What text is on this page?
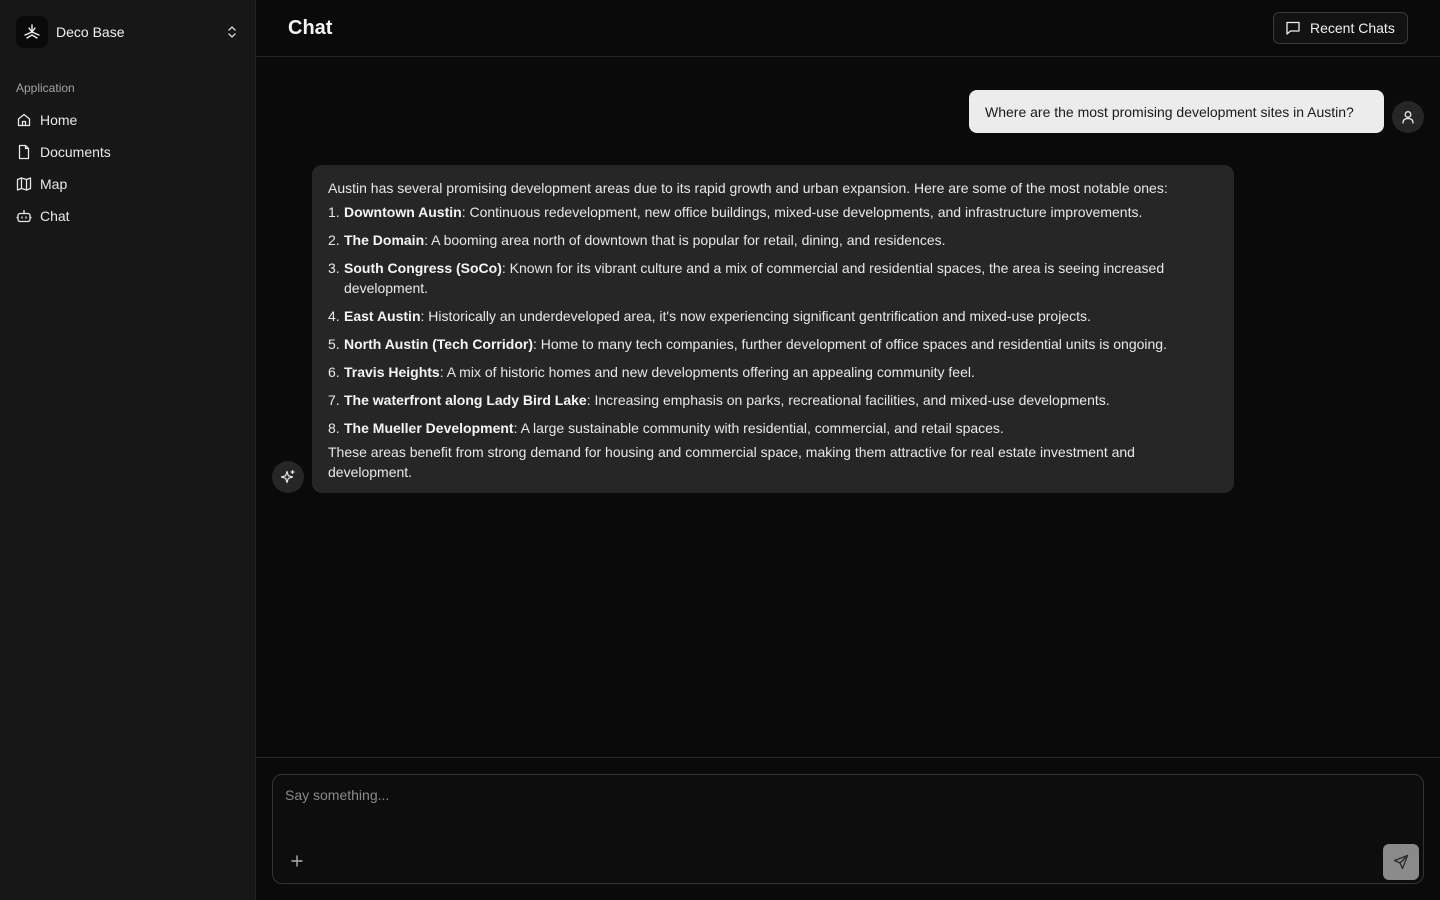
Deco Base
Application
Home
Documents
Map
Chat
Chat	Recent Chats
Where are the most promising development sites in Austin?

Austin has several promising development areas due to its rapid growth and urban expansion. Here are some of the most notable ones:

1. Downtown Austin: Continuous redevelopment, new office buildings, mixed-use developments, and infrastructure improvements.
2. The Domain: A booming area north of downtown that is popular for retail, dining, and residences.
3. South Congress (SoCo): Known for its vibrant culture and a mix of commercial and residential spaces, the area is seeing increased development.
4. East Austin: Historically an underdeveloped area, it's now experiencing significant gentrification and mixed-use projects.
5. North Austin (Tech Corridor): Home to many tech companies, further development of office spaces and residential units is ongoing.
6. Travis Heights: A mix of historic homes and new developments offering an appealing community feel.
7. The waterfront along Lady Bird Lake: Increasing emphasis on parks, recreational facilities, and mixed-use developments.
8. The Mueller Development: A large sustainable community with residential, commercial, and retail spaces.

These areas benefit from strong demand for housing and commercial space, making them attractive for real estate investment and development.

Say something...
